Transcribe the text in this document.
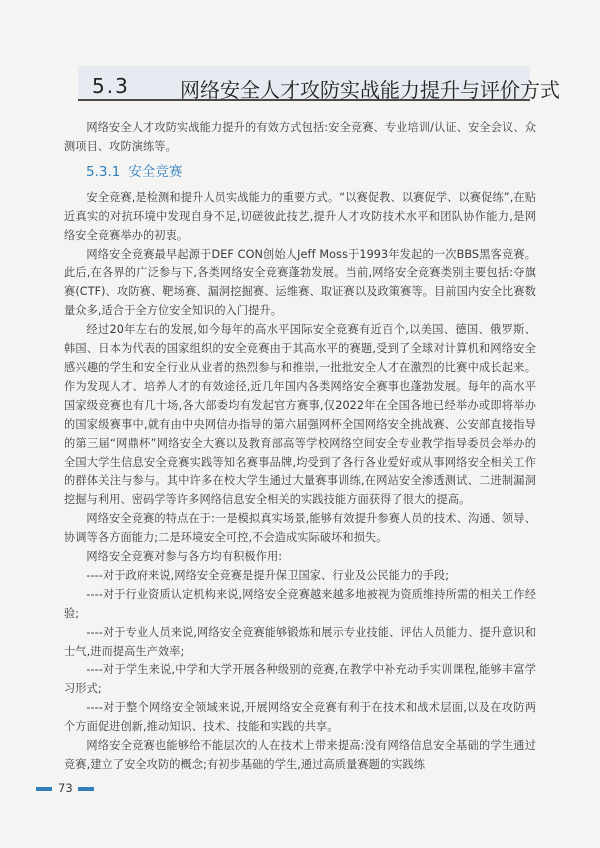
5.3	网络安全人才攻防实战能力提升与评价方式

网络安全人才攻防实战能力提升的有效方式包括:安全竞赛、专业培训/认证、安全会议、众测项目、攻防演练等。

5.3.1 安全竞赛

安全竞赛,是检测和提升人员实战能力的重要方式。“以赛促教、以赛促学、以赛促练”,在贴近真实的对抗环境中发现自身不足,切磋彼此技艺,提升人才攻防技术水平和团队协作能力,是网络安全竞赛举办的初衷。

网络安全竞赛最早起源于DEF CON创始人Jeff Moss于1993年发起的一次BBS黑客竞赛。此后,在各界的广泛参与下,各类网络安全竞赛蓬勃发展。当前,网络安全竞赛类别主要包括:夺旗赛(CTF)、攻防赛、靶场赛、漏洞挖掘赛、运维赛、取证赛以及政策赛等。目前国内安全比赛数量众多,适合于全方位安全知识的入门提升。

经过20年左右的发展,如今每年的高水平国际安全竞赛有近百个,以美国、德国、俄罗斯、韩国、日本为代表的国家组织的安全竞赛由于其高水平的赛题,受到了全球对计算机和网络安全感兴趣的学生和安全行业从业者的热烈参与和推崇,一批批安全人才在激烈的比赛中成长起来。作为发现人才、培养人才的有效途径,近几年国内各类网络安全赛事也蓬勃发展。每年的高水平国家级竞赛也有几十场,各大部委均有发起官方赛事,仅2022年在全国各地已经举办或即将举办的国家级赛事中,就有由中央网信办指导的第六届强网杯全国网络安全挑战赛、公安部直接指导的第三届“网鼎杯”网络安全大赛以及教育部高等学校网络空间安全专业教学指导委员会举办的全国大学生信息安全竞赛实践等知名赛事品牌,均受到了各行各业爱好或从事网络安全相关工作的群体关注与参与。其中许多在校大学生通过大量赛事训练,在网站安全渗透测试、二进制漏洞挖掘与利用、密码学等许多网络信息安全相关的实践技能方面获得了很大的提高。

网络安全竞赛的特点在于:一是模拟真实场景,能够有效提升参赛人员的技术、沟通、领导、协调等各方面能力;二是环境安全可控,不会造成实际破坏和损失。

网络安全竞赛对参与各方均有积极作用:

----对于政府来说,网络安全竞赛是提升保卫国家、行业及公民能力的手段;

----对于行业资质认定机构来说,网络安全竞赛越来越多地被视为资质维持所需的相关工作经验;

----对于专业人员来说,网络安全竞赛能够锻炼和展示专业技能、评估人员能力、提升意识和士气,进而提高生产效率;

----对于学生来说,中学和大学开展各种级别的竞赛,在教学中补充动手实训课程,能够丰富学习形式;

----对于整个网络安全领域来说,开展网络安全竞赛有利于在技术和战术层面,以及在攻防两个方面促进创新,推动知识、技术、技能和实践的共享。

网络安全竞赛也能够给不能层次的人在技术上带来提高:没有网络信息安全基础的学生通过竞赛,建立了安全攻防的概念;有初步基础的学生,通过高质量赛题的实践练

73
